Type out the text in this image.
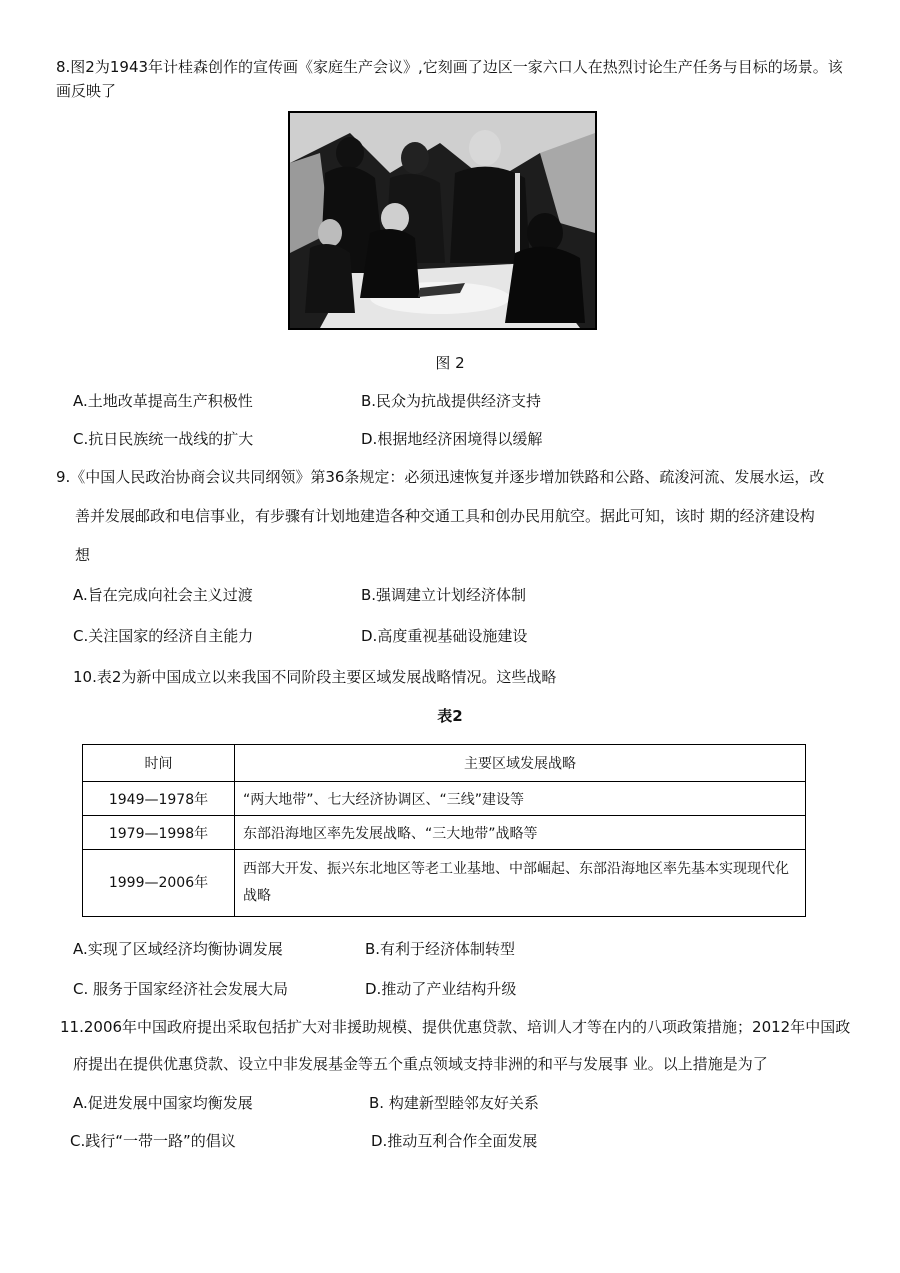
8.图2为1943年计桂森创作的宣传画《家庭生产会议》,它刻画了边区一家六口人在热烈讨论生产任务与目标的场景。该
画反映了
图 2
A.土地改革提高生产积极性	B.民众为抗战提供经济支持
C.抗日民族统一战线的扩大	D.根据地经济困境得以缓解
9.《中国人民政治协商会议共同纲领》第36条规定：必须迅速恢复并逐步增加铁路和公路、疏浚河流、发展水运，改
善并发展邮政和电信事业，有步骤有计划地建造各种交通工具和创办民用航空。据此可知，该时 期的经济建设构
想
A.旨在完成向社会主义过渡	B.强调建立计划经济体制
C.关注国家的经济自主能力	D.高度重视基础设施建设
10.表2为新中国成立以来我国不同阶段主要区域发展战略情况。这些战略
表2
时间	主要区域发展战略
1949—1978年	“两大地带”、七大经济协调区、“三线”建设等
1979—1998年	东部沿海地区率先发展战略、“三大地带”战略等
1999—2006年	西部大开发、振兴东北地区等老工业基地、中部崛起、东部沿海地区率先基本实现现代化战略
A.实现了区域经济均衡协调发展	B.有利于经济体制转型
C. 服务于国家经济社会发展大局	D.推动了产业结构升级
11.2006年中国政府提出采取包括扩大对非援助规模、提供优惠贷款、培训人才等在内的八项政策措施；2012年中国政
府提出在提供优惠贷款、设立中非发展基金等五个重点领域支持非洲的和平与发展事 业。以上措施是为了
A.促进发展中国家均衡发展	B. 构建新型睦邻友好关系
C.践行“一带一路”的倡议	D.推动互利合作全面发展
